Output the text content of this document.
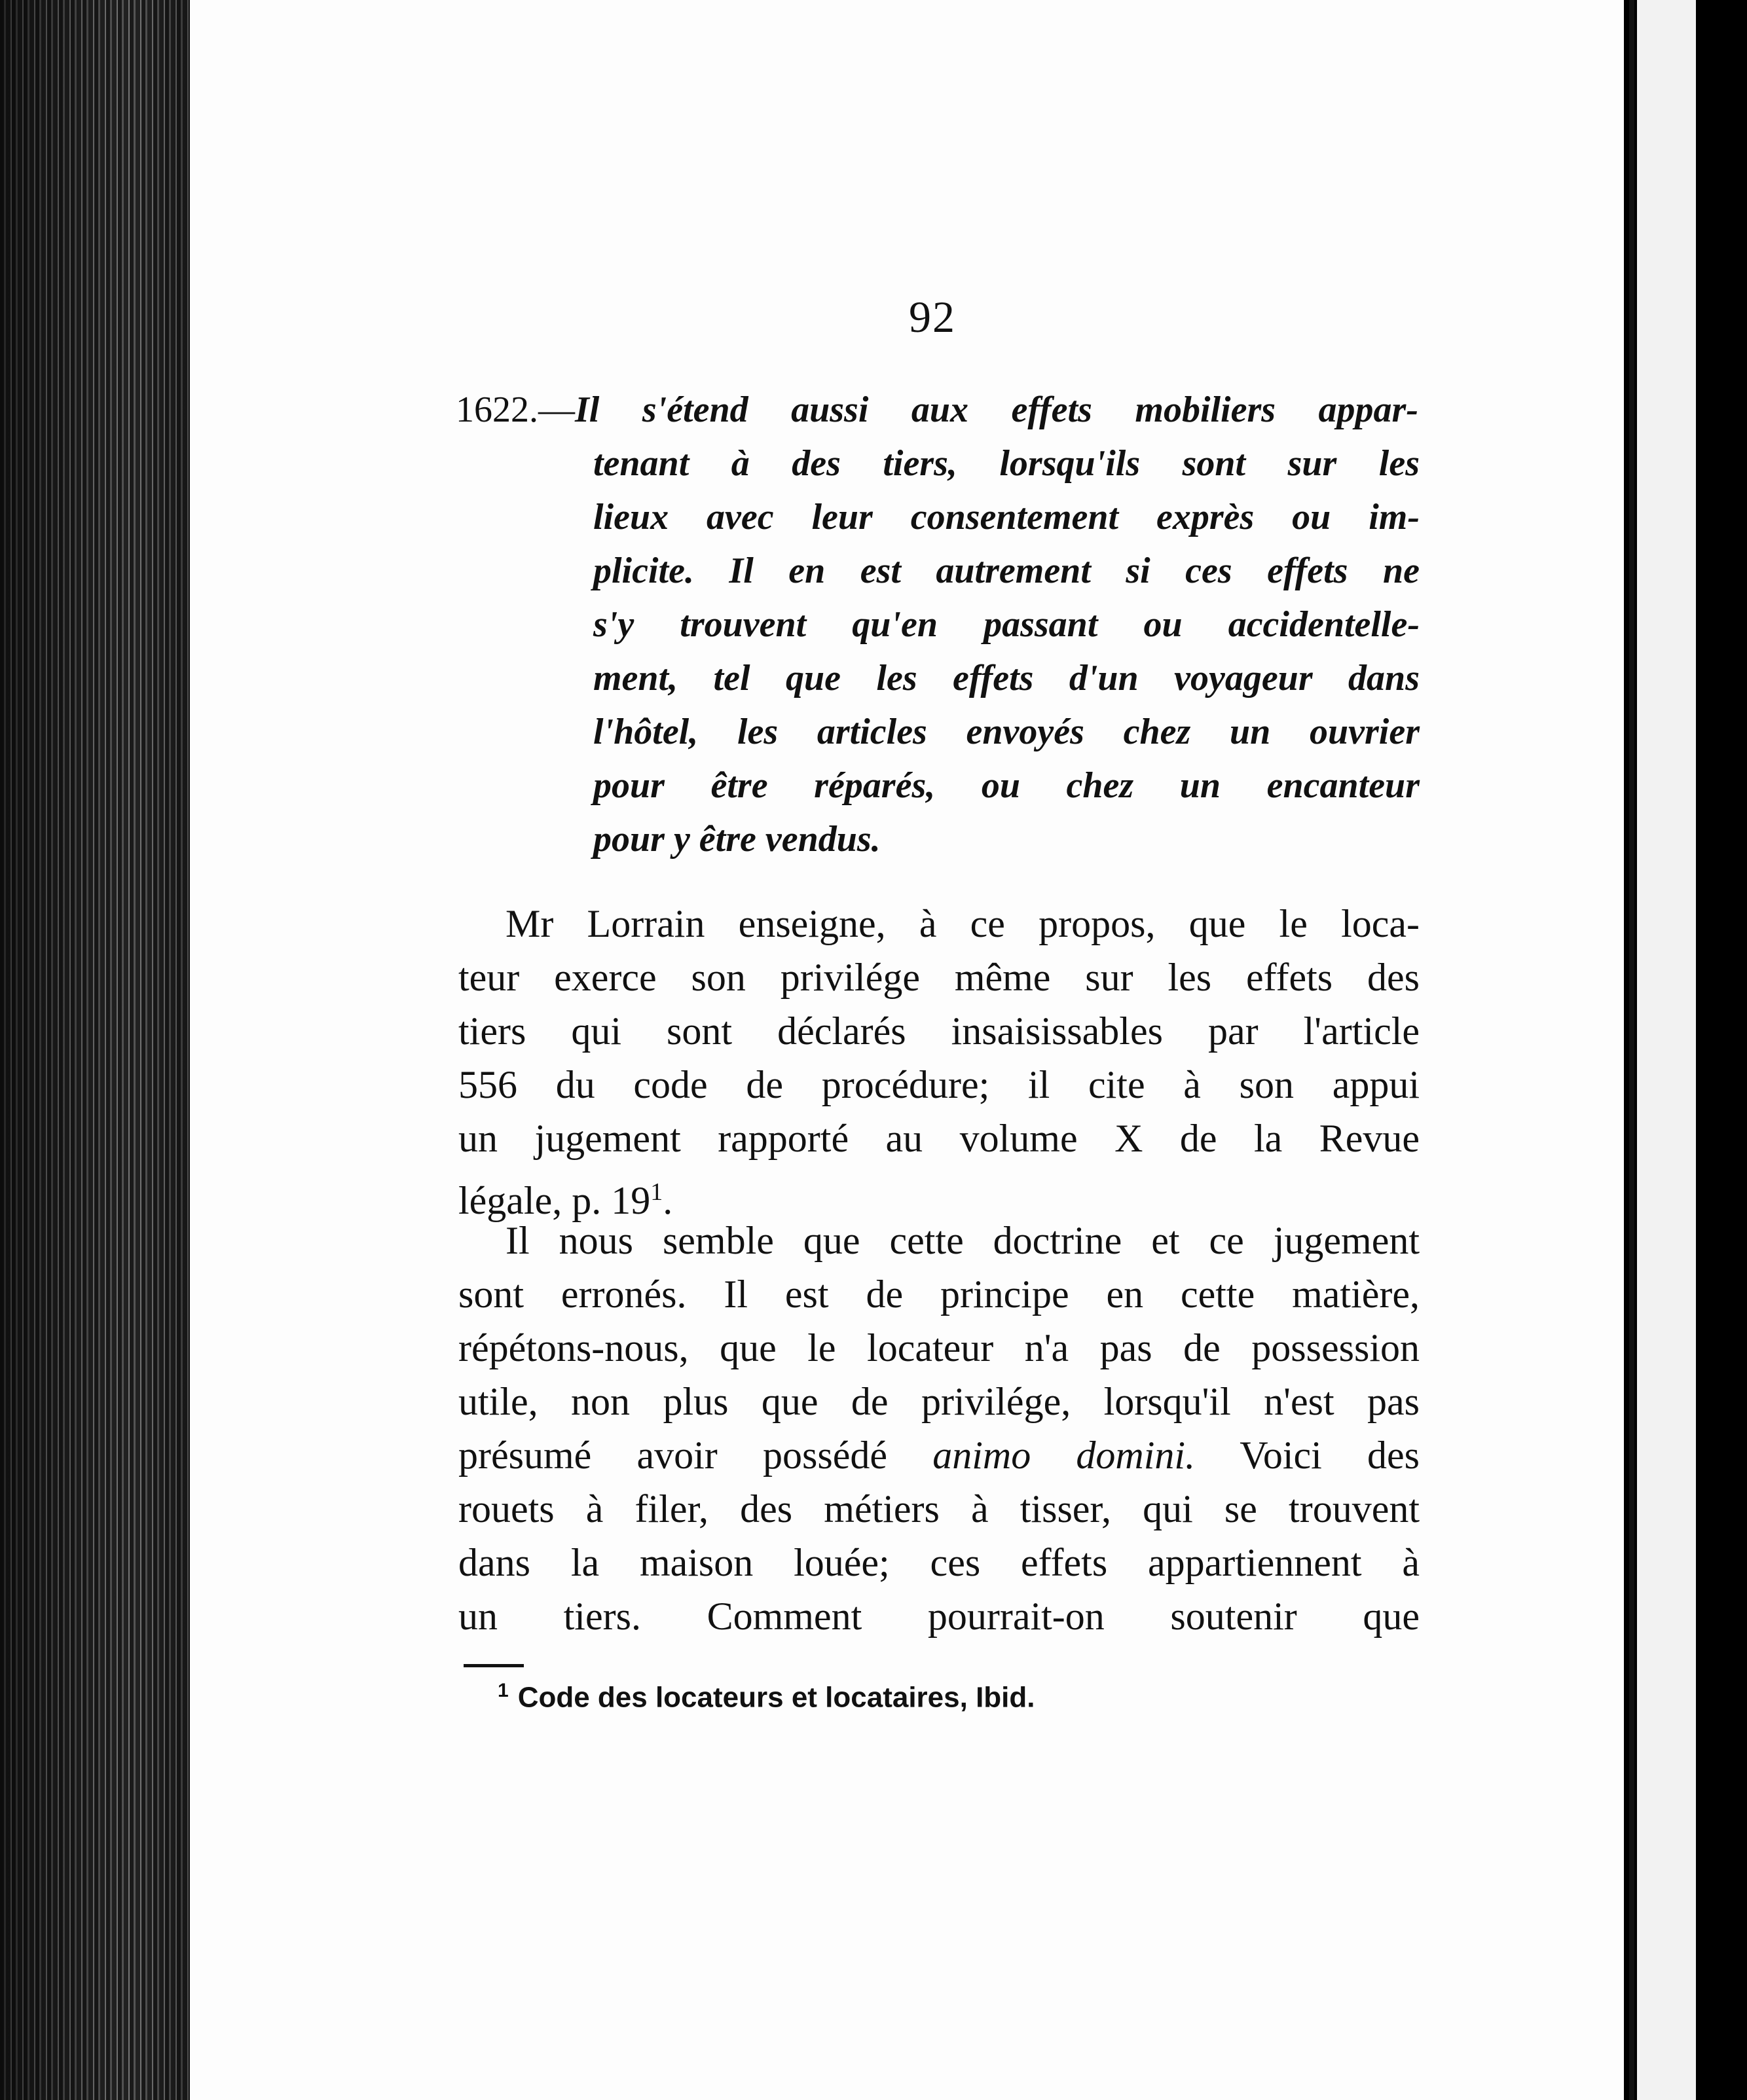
92
1622.—Il s'étend aussi aux effets mobiliers appar-
tenant à des tiers, lorsqu'ils sont sur les
lieux avec leur consentement exprès ou im-
plicite. Il en est autrement si ces effets ne
s'y trouvent qu'en passant ou accidentelle-
ment, tel que les effets d'un voyageur dans
l'hôtel, les articles envoyés chez un ouvrier
pour être réparés, ou chez un encanteur
pour y être vendus.
Mr Lorrain enseigne, à ce propos, que le loca-
teur exerce son privilége même sur les effets des
tiers qui sont déclarés insaisissables par l'article
556 du code de procédure; il cite à son appui
un jugement rapporté au volume X de la Revue
légale, p. $19^1$.
Il nous semble que cette doctrine et ce jugement
sont erronés. Il est de principe en cette matière,
répétons-nous, que le locateur n'a pas de possession
utile, non plus que de privilége, lorsqu'il n'est pas
présumé avoir possédé animo domini. Voici des
rouets à filer, des métiers à tisser, qui se trouvent
dans la maison louée; ces effets appartiennent à
un tiers. Comment pourrait-on soutenir que
$^1$ Code des locateurs et locataires, Ibid.
